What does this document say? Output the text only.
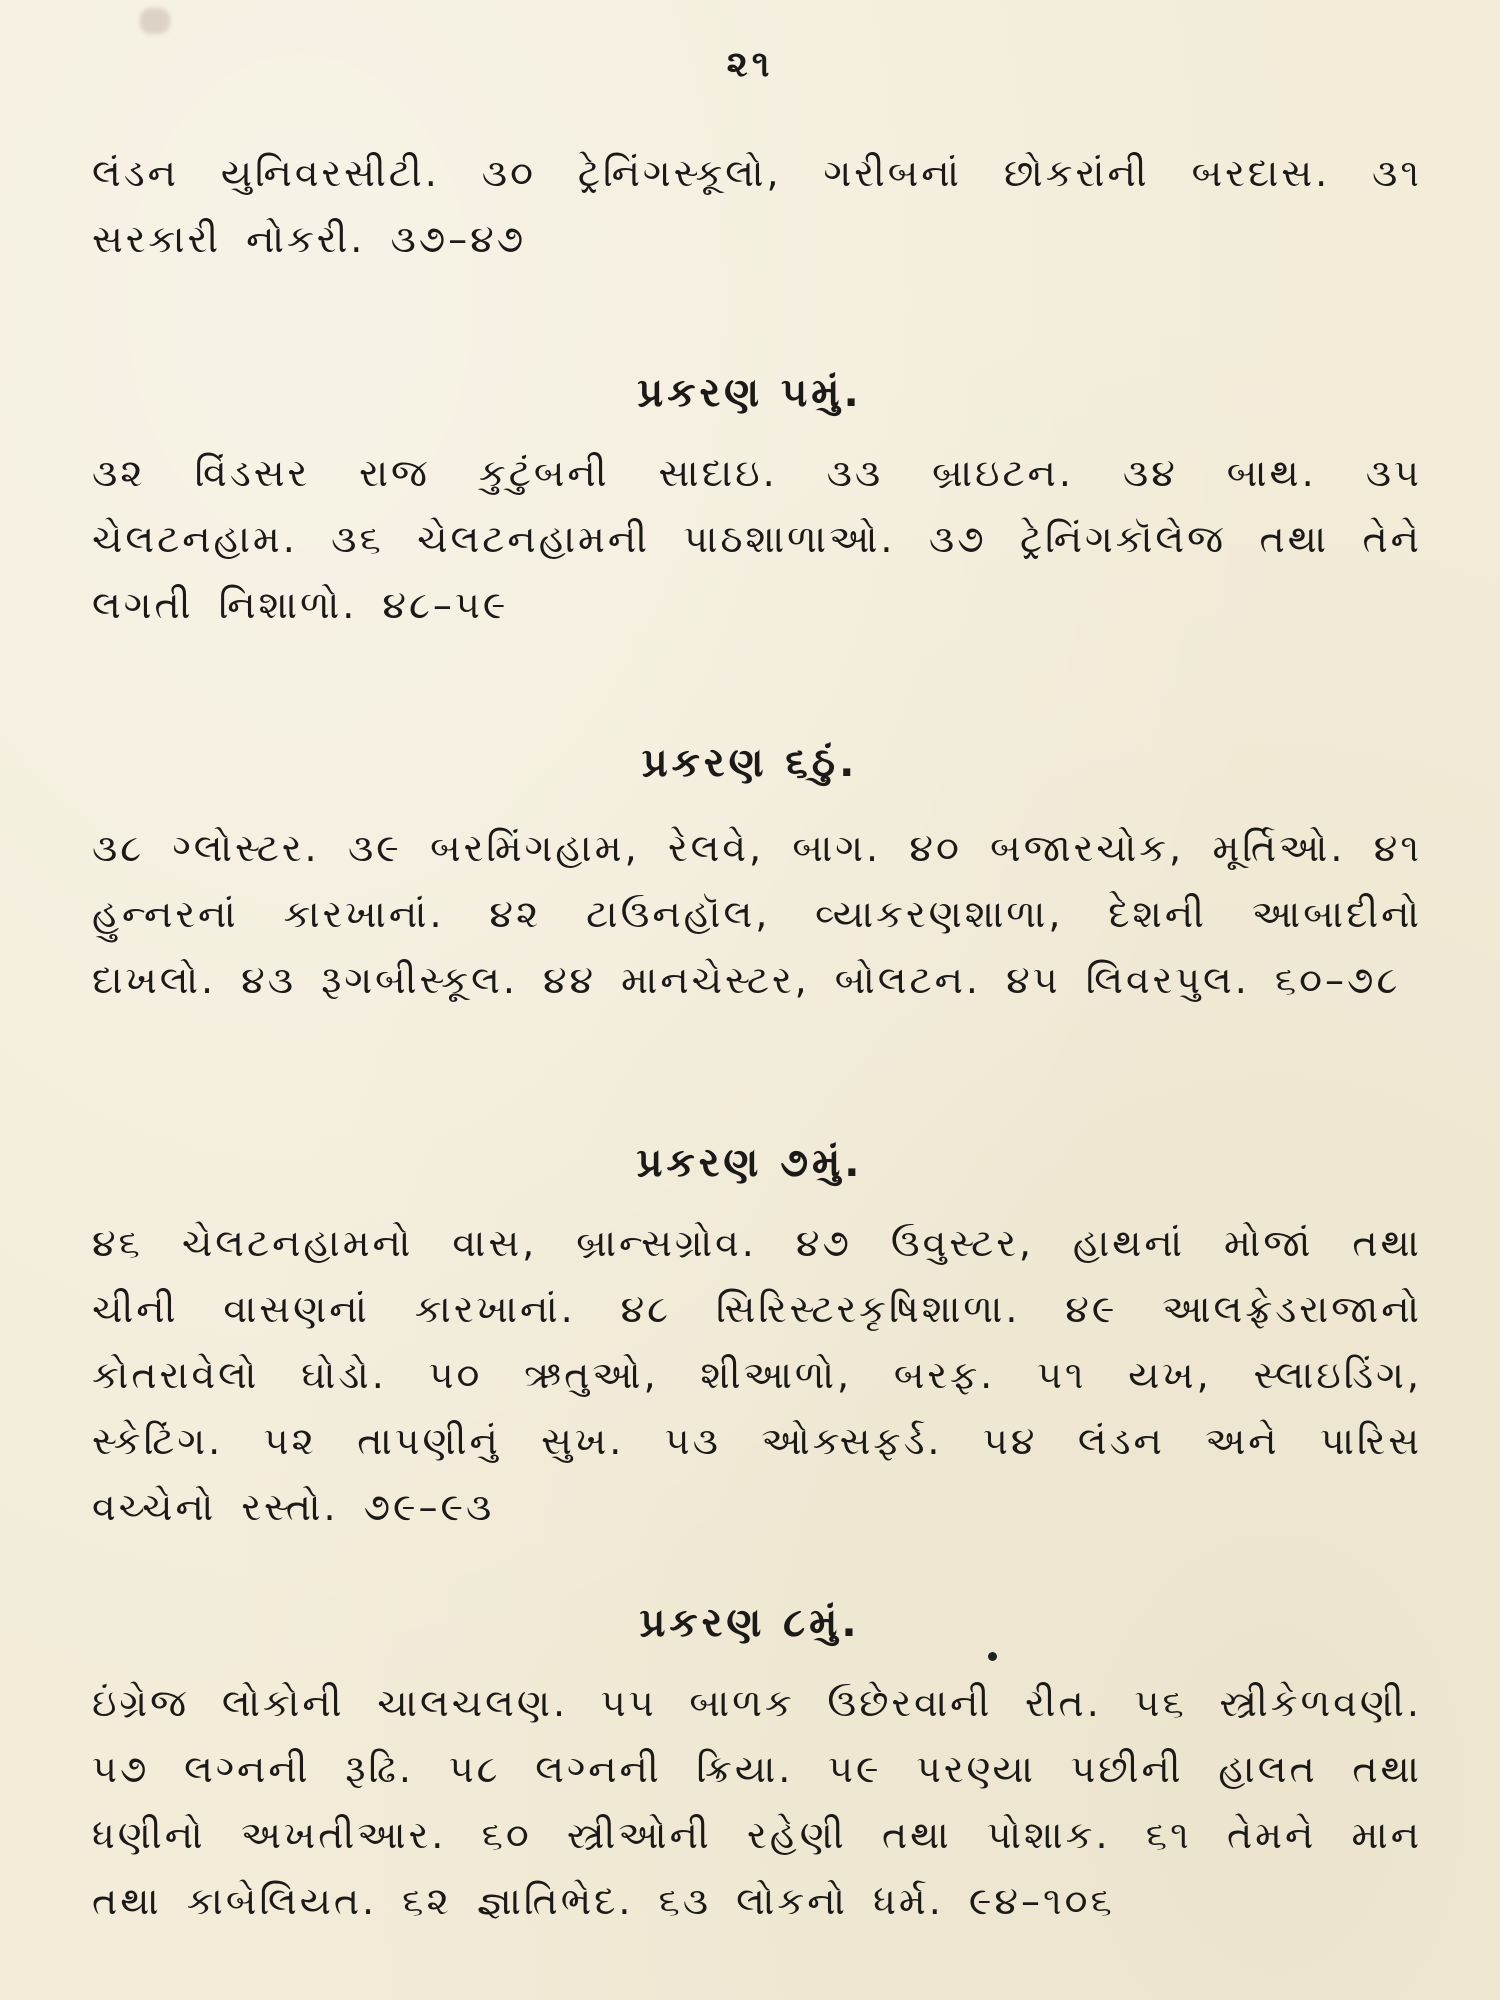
૨૧
લંડન યુનિવરસીટી. ૩૦ ટ્રેનિંગસ્કૂલો, ગરીબનાં છોકરાંની બરદાસ. ૩૧ સરકારી નોકરી. ૩૭–૪૭
પ્રકરણ ૫મું.
૩૨ વિંડસર રાજ કુટુંબની સાદાઇ. ૩૩ બ્રાઇટન. ૩૪ બાથ. ૩૫ ચેલટનહામ. ૩૬ ચેલટનહામની પાઠશાળાઓ. ૩૭ ટ્રેનિંગકૉલેજ તથા તેને લગતી નિશાળો. ૪૮–૫૯
પ્રકરણ ૬ઠું.
૩૮ ગ્લોસ્ટર. ૩૯ બરમિંગહામ, રેલવે, બાગ. ૪૦ બજારચોક, મૂર્તિઓ. ૪૧ હુન્નરનાં કારખાનાં. ૪૨ ટાઉનહૉલ, વ્યાકરણશાળા, દેશની આબાદીનો દાખલો. ૪૩ રૂગબીસ્કૂલ. ૪૪ માનચેસ્ટર, બોલટન. ૪૫ લિવરપુલ. ૬૦–૭૮
પ્રકરણ ૭મું.
૪૬ ચેલટનહામનો વાસ, બ્રાન્સગ્રોવ. ૪૭ ઉવુસ્ટર, હાથનાં મોજાં તથા ચીની વાસણનાં કારખાનાં. ૪૮ સિરિસ્ટરકૃષિશાળા. ૪૯ આલફ્રેડરાજાનો કોતરાવેલો ઘોડો. ૫૦ ઋતુઓ, શીઆળો, બરફ. ૫૧ યખ, સ્લાઇડિંગ, સ્કેટિંગ. ૫૨ તાપણીનું સુખ. ૫૩ ઓક્સફર્ડ. ૫૪ લંડન અને પારિસ વચ્ચેનો રસ્તો. ૭૯–૯૩
પ્રકરણ ૮મું.
ઇંગ્રેજ લોકોની ચાલચલણ. ૫૫ બાળક ઉછેરવાની રીત. ૫૬ સ્ત્રીકેળવણી. ૫૭ લગ્નની રૂઢિ. ૫૮ લગ્નની ક્રિયા. ૫૯ પરણ્યા પછીની હાલત તથા ધણીનો અખતીઆર. ૬૦ સ્ત્રીઓની રહેણી તથા પોશાક. ૬૧ તેમને માન તથા કાબેલિયત. ૬૨ જ્ઞાતિભેદ. ૬૩ લોકનો ધર્મ. ૯૪–૧૦૬
